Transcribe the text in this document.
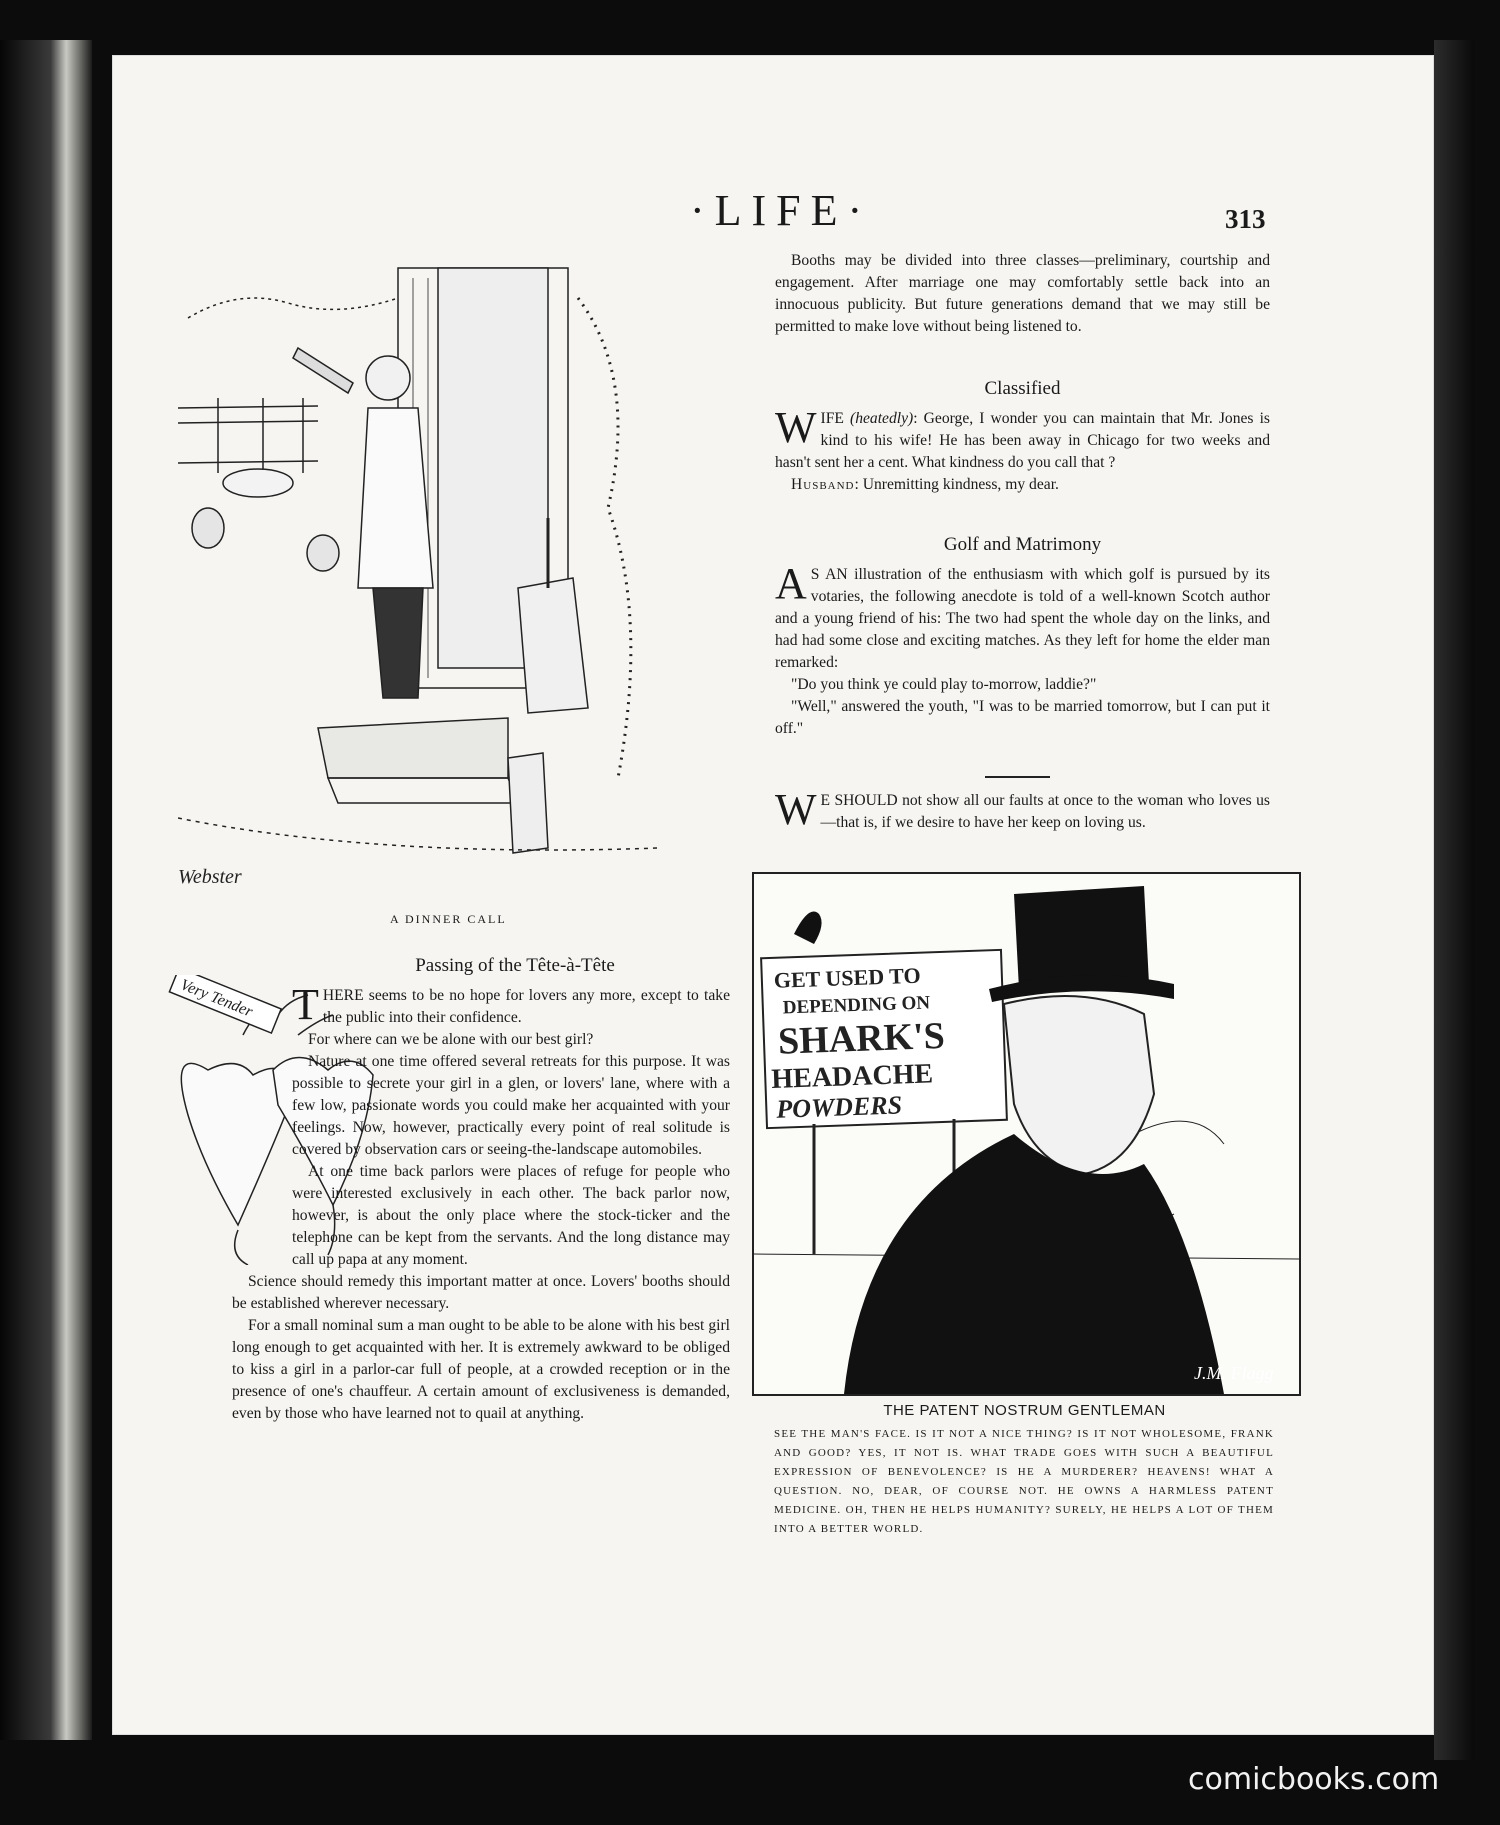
·LIFE·	313
Webster
A DINNER CALL
Passing of the Tête-à-Tête
Very Tender THERE seems to be no hope for lovers any more, except to take the public into their confidence.

For where can we be alone with our best girl?

Nature at one time offered several retreats for this purpose. It was possible to secrete your girl in a glen, or lovers' lane, where with a few low, passionate words you could make her acquainted with your feelings. Now, however, practically every point of real solitude is covered by observation cars or seeing-the-landscape automobiles.

At one time back parlors were places of refuge for people who were interested exclusively in each other. The back parlor now, however, is about the only place where the stock-ticker and the telephone can be kept from the servants. And the long distance may call up papa at any moment.

Science should remedy this important matter at once. Lovers' booths should be established wherever necessary.

For a small nominal sum a man ought to be able to be alone with his best girl long enough to get acquainted with her. It is extremely awkward to be obliged to kiss a girl in a parlor-car full of people, at a crowded reception or in the presence of one's chauffeur. A certain amount of exclusiveness is demanded, even by those who have learned not to quail at anything.

Booths may be divided into three classes—preliminary, courtship and engagement. After marriage one may comfortably settle back into an innocuous publicity. But future generations demand that we may still be permitted to make love without being listened to.

Classified

WIFE (heatedly): George, I wonder you can maintain that Mr. Jones is kind to his wife! He has been away in Chicago for two weeks and hasn't sent her a cent. What kindness do you call that ?

Husband: Unremitting kindness, my dear.

Golf and Matrimony

A S AN illustration of the enthusiasm with which golf is pursued by its votaries, the following anecdote is told of a well-known Scotch author and a young friend of his: The two had spent the whole day on the links, and had had some close and exciting matches. As they left for home the elder man remarked:

"Do you think ye could play to-morrow, laddie?"

"Well," answered the youth, "I was to be married tomorrow, but I can put it off."

W E SHOULD not show all our faults at once to the woman who loves us—that is, if we desire to have her keep on loving us.

GET USED TO
DEPENDING ON
SHARK'S
HEADACHE
POWDERS
J.M. Flagg
THE PATENT NOSTRUM GENTLEMAN
SEE THE MAN'S FACE. IS IT NOT A NICE THING? IS IT NOT WHOLESOME, FRANK AND GOOD? YES, IT NOT IS. WHAT TRADE GOES WITH SUCH A BEAUTIFUL EXPRESSION OF BENEVOLENCE? IS HE A MURDERER? HEAVENS! WHAT A QUESTION. NO, DEAR, OF COURSE NOT. HE OWNS A HARMLESS PATENT MEDICINE. OH, THEN HE HELPS HUMANITY? SURELY, HE HELPS A LOT OF THEM INTO A BETTER WORLD.
comicbooks.com
